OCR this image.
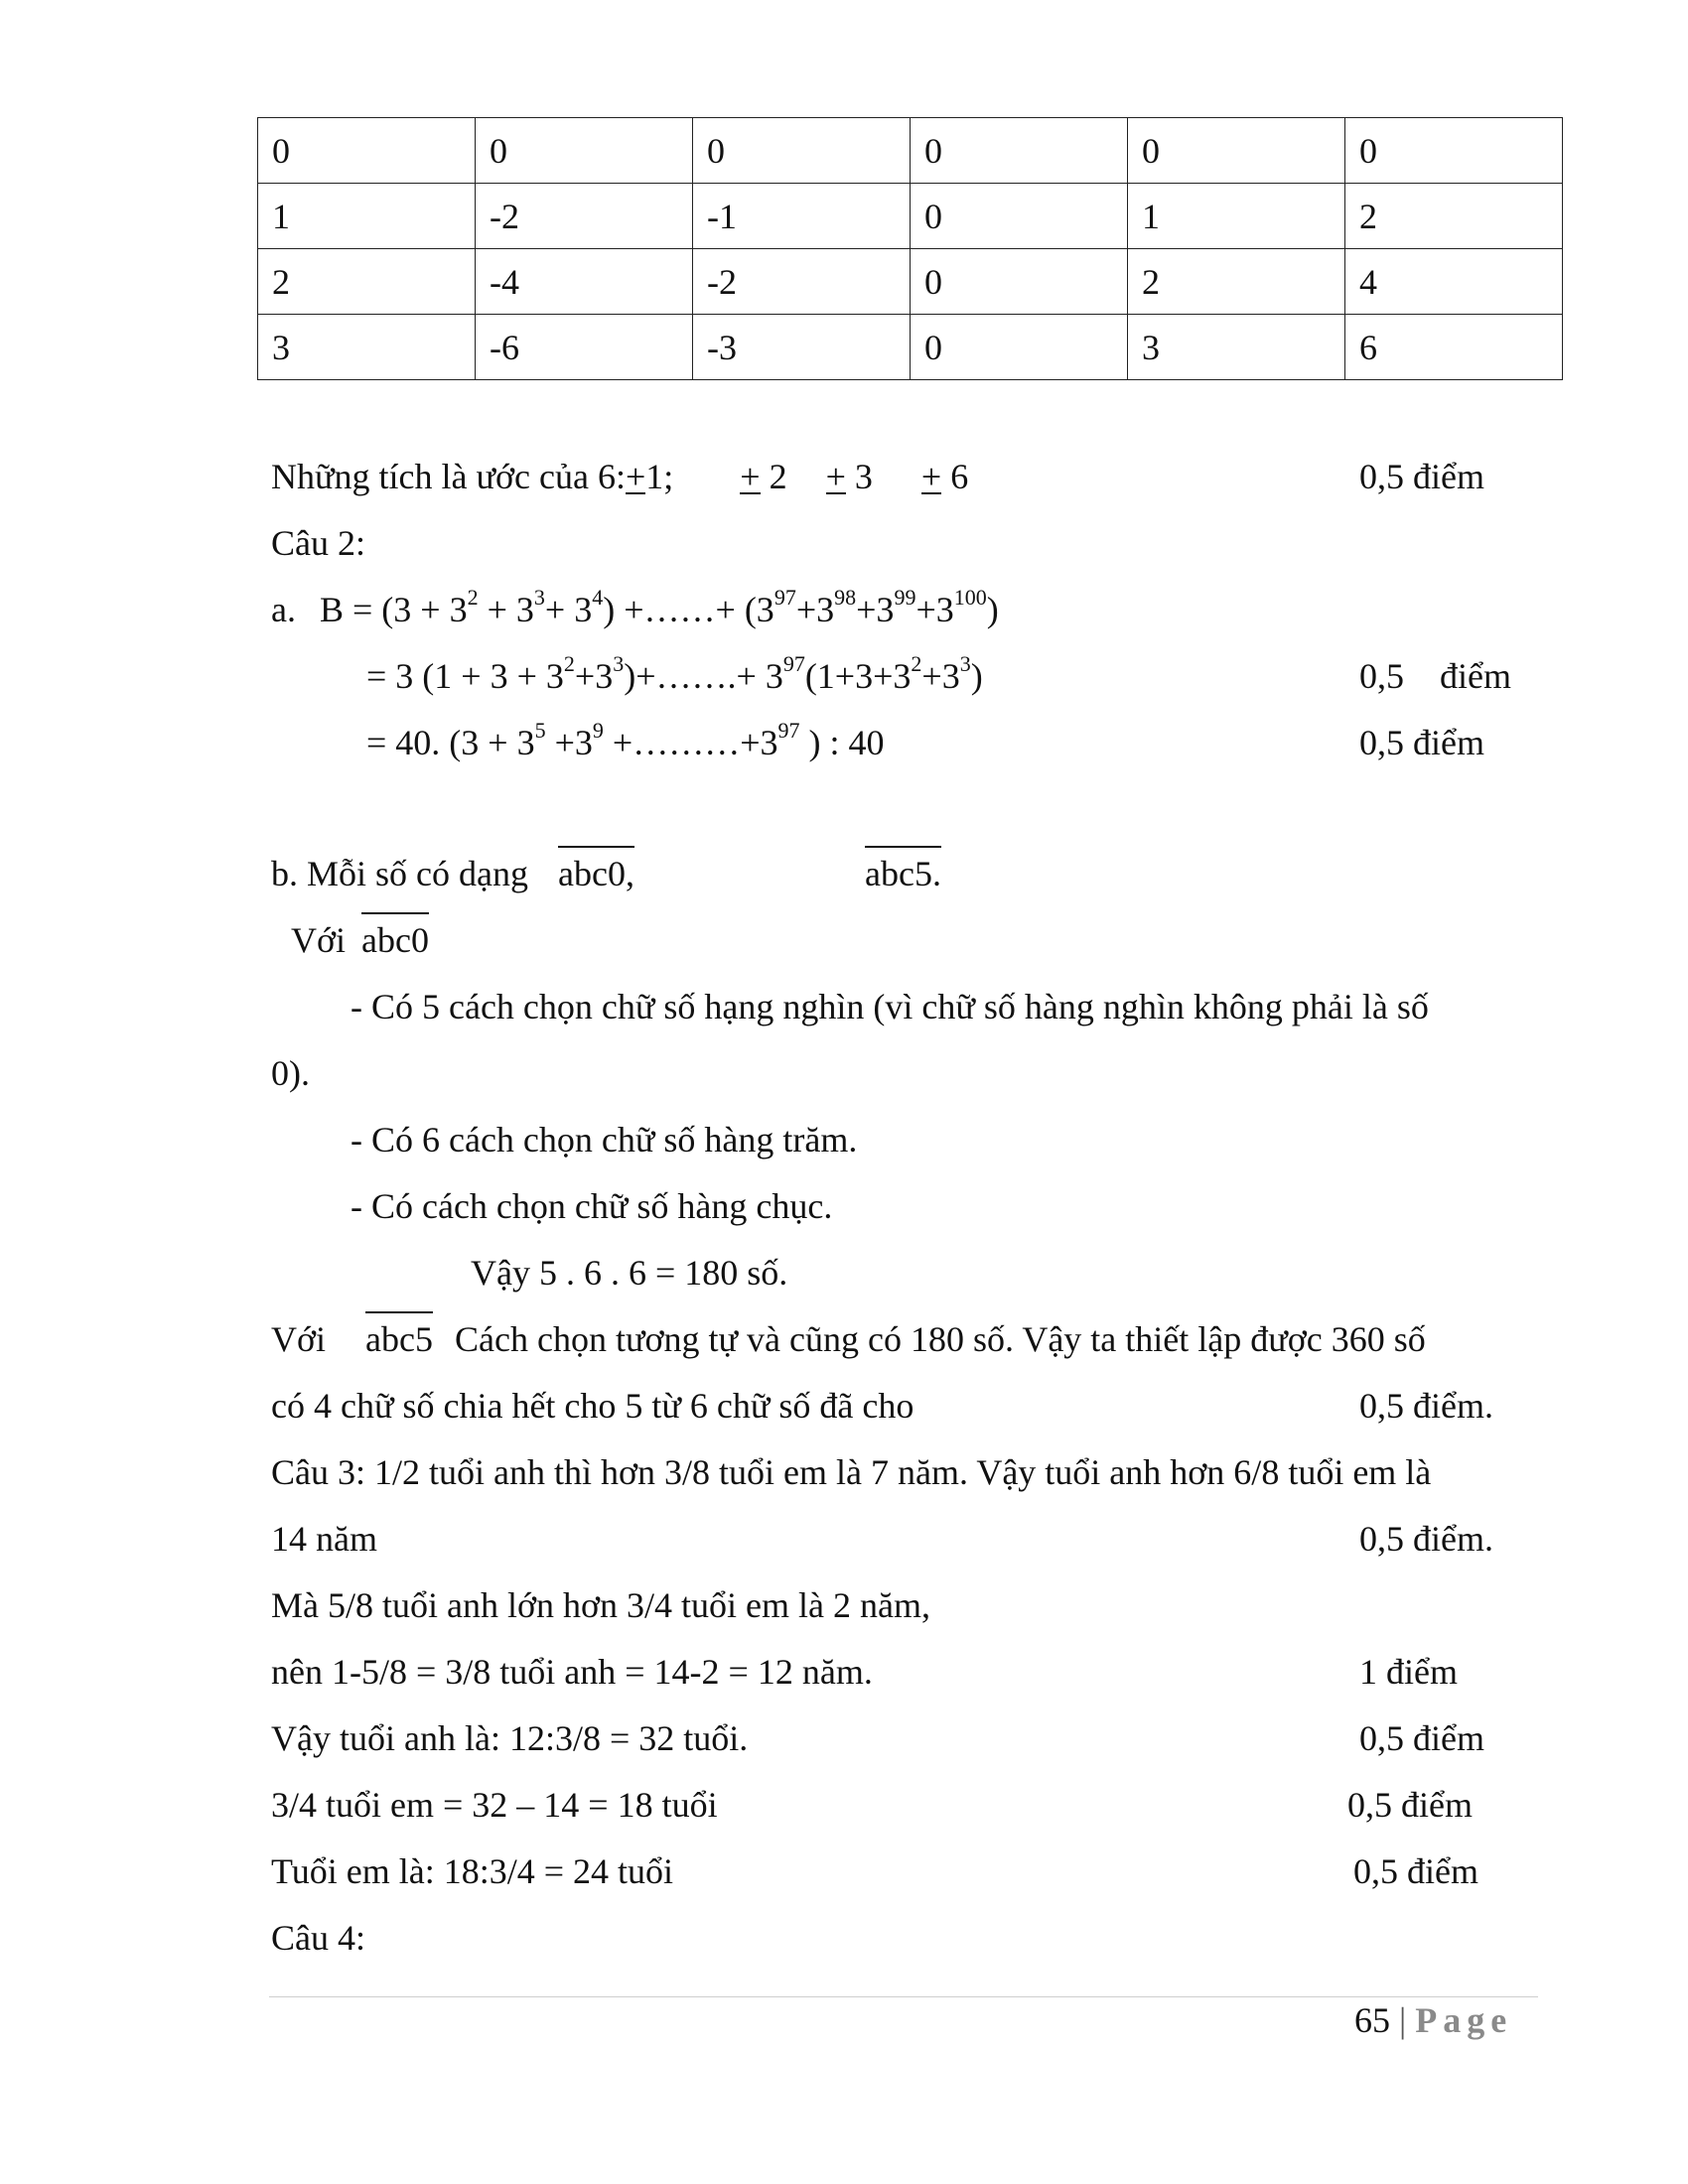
0	0	0	0	0	0
1	-2	-1	0	1	2
2	-4	-2	0	2	4
3	-6	-3	0	3	6
Những tích là ước của 6:+
1; +
2 +
3 +
6	0,5 điểm
Câu 2:
a. $B = (3 + 3^2 + 3^3+ 3^4)$ +……+ $(3^{97}+3^{98}+3^{99}+3^{100})$
= 3 $(1 + 3 + 3^2+3^3)+\dots\dots.+ 3^{97}(1+3+3^2+3^3)$	0,5    điểm
= 40. ($3 + 3^5 +3^9$ $+\dots\dots\dots+3^{97}$ ) : 40	0,5 điểm
b. Mỗi số có dạng abc0,	abc5.
Với abc0
- Có 5 cách chọn chữ số hạng nghìn (vì chữ số hàng nghìn không phải là số
0).
- Có 6 cách chọn chữ số hàng trăm.
- Có cách chọn chữ số hàng chục.
Vậy 5 . 6 . 6 = 180 số.
Với abc5 Cách chọn tương tự và cũng có 180 số. Vậy ta thiết lập được 360 số
có 4 chữ số chia hết cho 5 từ 6 chữ số đã cho	0,5 điểm.
Câu 3: 1/2 tuổi anh thì hơn 3/8 tuổi em là 7 năm. Vậy tuổi anh hơn 6/8 tuổi em là
14 năm	0,5 điểm.
Mà 5/8 tuổi anh lớn hơn 3/4 tuổi em là 2 năm,
nên 1-5/8 = 3/8 tuổi anh = 14-2 = 12 năm.	1 điểm
Vậy tuổi anh là: 12:3/8 = 32 tuổi.	0,5 điểm
3/4 tuổi em = 32 – 14 = 18 tuổi	0,5 điểm
Tuổi em là: 18:3/4 = 24 tuổi	0,5 điểm
Câu 4:
65 | Page
